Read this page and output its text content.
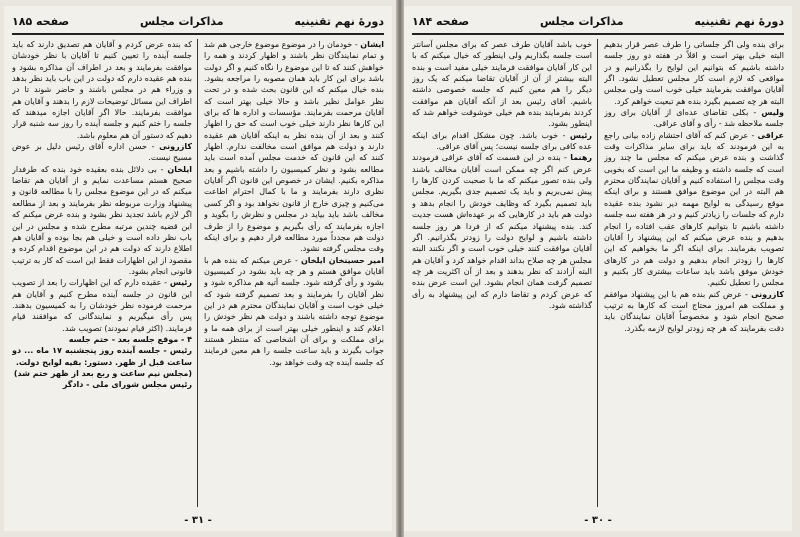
دورهٔ نهم تقنینیه
مذاکرات مجلس
صفحه ۱۸۵

ایشان - خودمان را در موضوع موضوع خارجی هم شد و تمام نمایندگان نظر باشند و اظهار کردند و همه را خواهش کنند که تا این موضوع را نگاه کنیم و اگر دولت باشد برای این کار باید همان مصوبه را مراجعه بشود. بنده خیال میکنم که این قانون بحث شده و در تحت نظر عوامل نظیر باشد و حالا خیلی بهتر است که آقایان مرحمت بفرمایند. مؤسسات و اداره ها که برای این کارها نظر دارند خیلی خوب است که حق را اظهار کنند و بعد از آن بنده نظر به اینکه آقایان هم عقیده دارند و دولت هم موافق است مخالفت ندارم. اظهار کنند که این قانون که خدمت مجلس آمده است باید مطالعه بشود و نظر کمیسیون را داشته باشیم و بعد مذاکره بکنیم. ایشان در خصوص این قانون اگر آقایان نظری دارند بفرمایند و ما با کمال احترام اطاعت می‌کنیم و چیزی خارج از قانون نخواهد بود و اگر کسی مخالف باشد باید بیاید در مجلس و نظرش را بگوید و اجازه بفرمایند که رأی بگیریم و موضوع را از طرف دولت هم مجدداً مورد مطالعه قرار دهیم و برای اینکه وقت مجلس گرفته نشود.

امیر حسینخان ایلخان - عرض میکنم که بنده هم با آقایان موافق هستم و هر چه باید بشود در کمیسیون بشود و رأی گرفته شود. جلسه آتیه هم مذاکره شود و نظر آقایان را بفرمایند و بعد تصمیم گرفته شود که خیلی خوب است و آقایان نمایندگان محترم هم در این موضوع توجه داشته باشند و دولت هم نظر خودش را اعلام کند و اینطور خیلی بهتر است از برای همه ما و برای مملکت و برای آن اشخاصی که منتظر هستند جواب بگیرند و باید ساعت جلسه را هم معین فرمایند که جلسه آینده چه وقت خواهد بود.

که بنده عرض کردم و آقایان هم تصدیق دارند که باید جلسه آینده را تعیین کنیم تا آقایان با نظر خودشان موافقت بفرمایند و بعد در اطراف آن مذاکره بشود و بنده هم عقیده دارم که دولت در این باب باید نظر بدهد و وزراء هم در مجلس باشند و حاضر شوند تا در اطراف این مسائل توضیحات لازم را بدهند و آقایان هم موافقت بفرمایند. حالا اگر آقایان اجازه میدهند که جلسه را ختم کنیم و جلسه آینده را روز سه شنبه قرار دهیم که دستور آن هم معلوم باشد.

کازرونی - حسن اداره آقای رئیس دلیل بر عوض مسیح نیست.

ایلخان - بی دلائل بنده بعقیده خود بنده که طرفدار صحیح هستم مساعدت نمایم و از آقایان هم تقاضا میکنم که در این موضوع مجلس را با مطالعه قانون و پیشنهاد وزارت مربوطه نظر بفرمایند و بعد از مطالعه اگر لازم باشد تجدید نظر بشود و بنده عرض میکنم که این قضیه چندین مرتبه مطرح شده و مجلس در این باب نظر داده است و خیلی هم بجا بوده و آقایان هم اطلاع دارند که دولت هم در این موضوع اقدام کرده و مقصود از این اظهارات فقط این است که کار به ترتیب قانونی انجام بشود.

رئیس - عقیده دارم که این اظهارات را بعد از تصویب این قانون در جلسه آینده مطرح کنیم و آقایان هم مرحمت فرموده نظر خودشان را به کمیسیون بدهند. پس رأی میگیریم و نمایندگانی که موافقند قیام فرمایند. (اکثر قیام نمودند) تصویب شد.

۴ - موقع جلسه بعد - ختم جلسه

رئیس - جلسه آینده روز پنجشنبه ۱۷ ماه ... دو ساعت قبل از ظهر. دستور: بقیه لوایح دولت.

(مجلس نیم ساعت و ربع بعد از ظهر ختم شد)

رئیس مجلس شورای ملی - دادگر

- ۳۱ -
دورهٔ نهم تقنینیه
مذاکرات مجلس
صفحه ۱۸۴

برای بنده ولی اگر جلساتی را طرف عصر قرار بدهیم البته خیلی بهتر است و اقلاً در هفته دو روز جلسه داشته باشیم که بتوانیم این لوایح را بگذرانیم و در مواقعی که لازم است کار مجلس تعطیل نشود. اگر آقایان موافقت بفرمایند خیلی خوب است ولی مجلس البته هر چه تصمیم بگیرد بنده هم تبعیت خواهم کرد.

ولیس - بکلی تقاضای عده‌ای از آقایان برای روز جلسه ملاحظه شد - رأی و آقای عراقی.

عراقی - عرض کنم که آقای احتشام زاده بیانی راجع به این فرمودند که باید برای سایر مذاکرات وقت گذاشت و بنده عرض میکنم که مجلس ما چند روز است که جلسه داشته و وظیفه ما این است که بخوبی وقت مجلس را استفاده کنیم و آقایان نمایندگان محترم هم البته در این موضوع موافق هستند و برای اینکه موقع رسیدگی به لوایح مهمه دیر نشود بنده عقیده دارم که جلسات را زیادتر کنیم و در هر هفته سه جلسه داشته باشیم تا بتوانیم کارهای عقب افتاده را انجام بدهیم و بنده عرض میکنم که این پیشنهاد را آقایان تصویب بفرمایند. برای اینکه اگر ما بخواهیم که این کارها را زودتر انجام بدهیم و دولت هم در کارهای خودش موفق باشد باید ساعات بیشتری کار بکنیم و مجلس را تعطیل نکنیم.

کازرونی - عرض کنم بنده هم با این پیشنهاد موافقم و مملکت هم امروز محتاج است که کارها به ترتیب صحیح انجام شود و مخصوصاً آقایان نمایندگان باید دقت بفرمایند که هر چه زودتر لوایح لازمه بگذرد.

خوب باشد آقایان طرف عصر که برای مجلس آسانتر است جلسه بگذاریم ولی اینطور که خیال میکنم که با این کار آقایان موافقت فرمایند خیلی مفید است و بنده البته بیشتر از آن از آقایان تقاضا میکنم که یک روز دیگر را هم معین کنیم که جلسه خصوصی داشته باشیم. آقای رئیس بعد از آنکه آقایان هم موافقت کردند بفرمایند بنده هم خیلی خوشوقت خواهم شد که اینطور بشود.

رئیس - خوب باشد. چون مشکل اقدام برای اینکه عده کافی برای جلسه نیست؛ پس آقای عراقی.

رهنما - بنده در این قسمت که آقای عراقی فرمودند عرض کنم اگر چه ممکن است آقایان مخالف باشند ولی بنده تصور میکنم که ما با صحبت کردن کارها را پیش نمی‌بریم و باید یک تصمیم جدی بگیریم. مجلس باید تصمیم بگیرد که وظایف خودش را انجام بدهد و دولت هم باید در کارهایی که بر عهده‌اش هست جدیت کند. بنده پیشنهاد میکنم که از فردا هر روز جلسه داشته باشیم و لوایح دولت را زودتر بگذرانیم. اگر آقایان موافقت کنند خیلی خوب است و اگر نکنند البته مجلس هر چه صلاح بداند اقدام خواهد کرد و آقایان هم البته آزادند که نظر بدهند و بعد از آن اکثریت هر چه تصمیم گرفت همان انجام بشود. این است عرض بنده که عرض کردم و تقاضا دارم که این پیشنهاد به رأی گذاشته شود.

- ۳۰ -
